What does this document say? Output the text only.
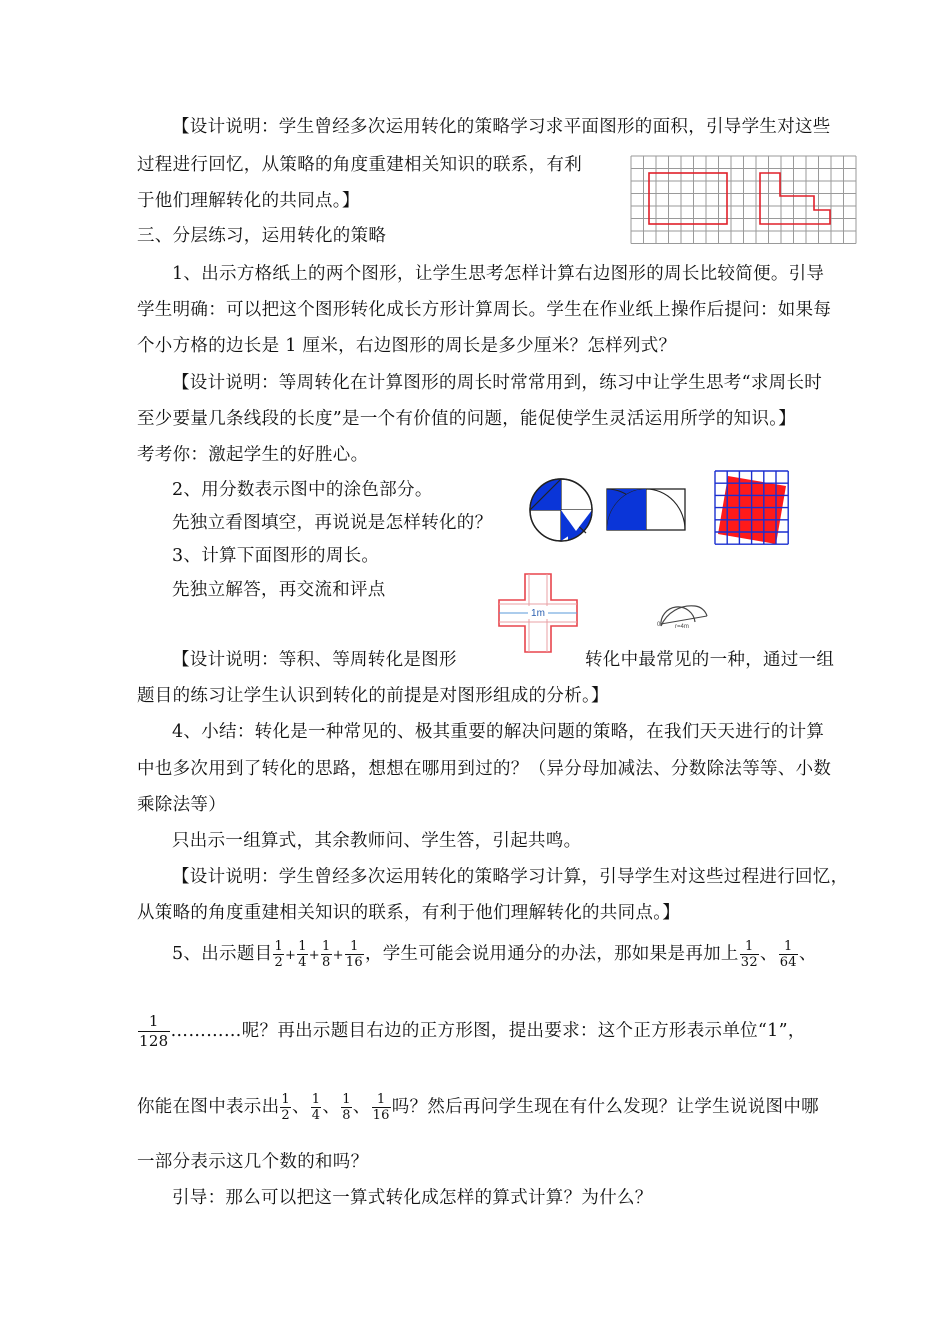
【设计说明：学生曾经多次运用转化的策略学习求平面图形的面积，引导学生对这些
过程进行回忆，从策略的角度重建相关知识的联系，有利
于他们理解转化的共同点。】
三、分层练习，运用转化的策略
1、出示方格纸上的两个图形，让学生思考怎样计算右边图形的周长比较简便。引导
学生明确：可以把这个图形转化成长方形计算周长。学生在作业纸上操作后提问：如果每
个小方格的边长是 1 厘米，右边图形的周长是多少厘米？怎样列式？
【设计说明：等周转化在计算图形的周长时常常用到，练习中让学生思考“求周长时
至少要量几条线段的长度”是一个有价值的问题，能促使学生灵活运用所学的知识。】
考考你：激起学生的好胜心。
2、用分数表示图中的涂色部分。
先独立看图填空，再说说是怎样转化的？
3、计算下面图形的周长。
先独立解答，再交流和评点
1m
0 r=4m
【设计说明：等积、等周转化是图形	转化中最常见的一种，通过一组
题目的练习让学生认识到转化的前提是对图形组成的分析。】
4、小结：转化是一种常见的、极其重要的解决问题的策略，在我们天天进行的计算
中也多次用到了转化的思路，想想在哪用到过的？（异分母加减法、分数除法等等、小数
乘除法等）
只出示一组算式，其余教师问、学生答，引起共鸣。
【设计说明：学生曾经多次运用转化的策略学习计算，引导学生对这些过程进行回忆，
从策略的角度重建相关知识的联系，有利于他们理解转化的共同点。】
5、出示题目 $\frac{1}{2} + \frac{1}{4} + \frac{1}{8} + \frac{1}{16}$ ，学生可能会说用通分的办法，那如果是再加上 $\frac{1}{32}$ 、 $\frac{1}{64}$ 、
$\frac{1}{128}$ …………呢？再出示题目右边的正方形图，提出要求：这个正方形表示单位“1”，
你能在图中表示出 $\frac{1}{2}$ 、 $\frac{1}{4}$ 、 $\frac{1}{8}$ 、 $\frac{1}{16}$ 吗？然后再问学生现在有什么发现？让学生说说图中哪
一部分表示这几个数的和吗？
引导：那么可以把这一算式转化成怎样的算式计算？为什么？
